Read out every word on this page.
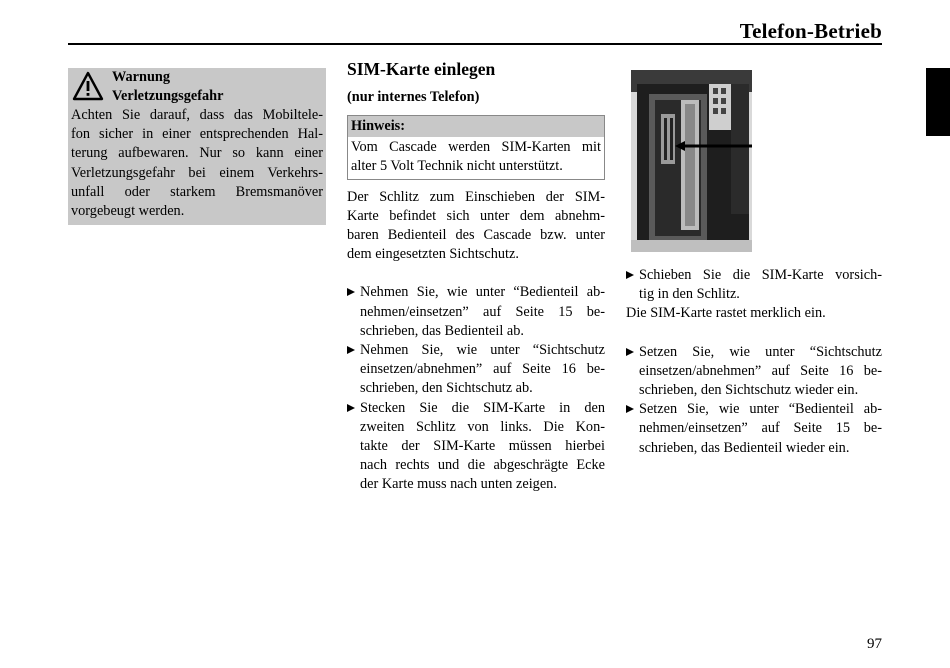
Telefon-Betrieb
Warnung
Verletzungsgefahr
Achten Sie darauf, dass das Mobiltele-
fon sicher in einer entsprechenden Hal-
terung aufbewaren. Nur so kann einer
Verletzungsgefahr bei einem Verkehrs-
unfall oder starkem Bremsmanöver
vorgebeugt werden.
SIM-Karte einlegen
(nur internes Telefon)
Hinweis:
Vom Cascade werden SIM-Karten mit
alter 5 Volt Technik nicht unterstützt.
Der Schlitz zum Einschieben der SIM-
Karte befindet sich unter dem abnehm-
baren Bedienteil des Cascade bzw. unter
dem eingesetzten Sichtschutz.
Nehmen Sie, wie unter “Bedienteil ab-
nehmen/einsetzen” auf Seite 15 be-
schrieben, das Bedienteil ab.
Nehmen Sie, wie unter “Sichtschutz
einsetzen/abnehmen” auf Seite 16 be-
schrieben, den Sichtschutz ab.
Stecken Sie die SIM-Karte in den
zweiten Schlitz von links. Die Kon-
takte der SIM-Karte müssen hierbei
nach rechts und die abgeschrägte Ecke
der Karte muss nach unten zeigen.
Schieben Sie die SIM-Karte vorsich-
tig in den Schlitz.
Die SIM-Karte rastet merklich ein.
Setzen Sie, wie unter “Sichtschutz
einsetzen/abnehmen” auf Seite 16 be-
schrieben, den Sichtschutz wieder ein.
Setzen Sie, wie unter “Bedienteil ab-
nehmen/einsetzen” auf Seite 15 be-
schrieben, das Bedienteil wieder ein.
97
